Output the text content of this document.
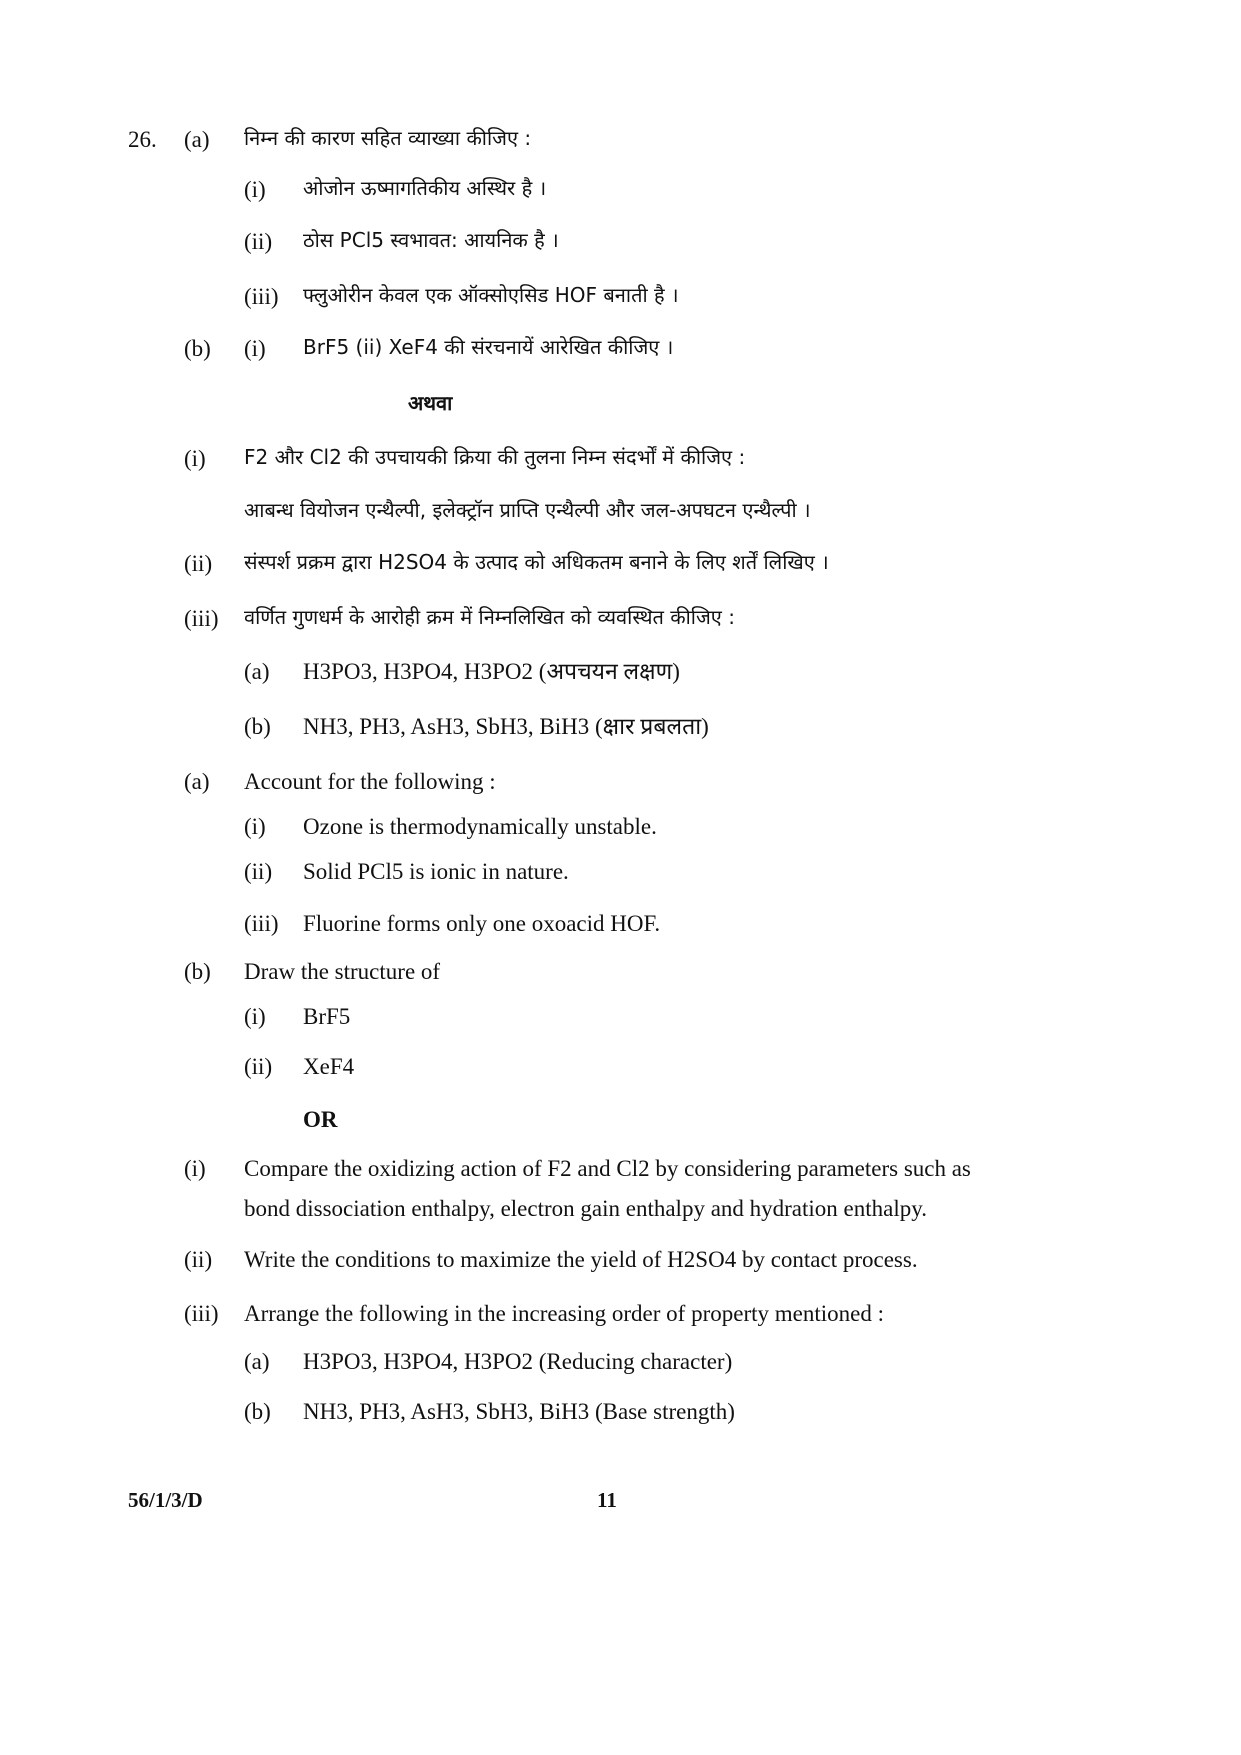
26. (a) निम्न की कारण सहित व्याख्या कीजिए :
(i) ओजोन ऊष्मागतिकीय अस्थिर है ।
(ii) ठोस PCl5 स्वभावत: आयनिक है ।
(iii) फ्लुओरीन केवल एक ऑक्सोएसिड HOF बनाती है ।
(b) (i) BrF5 (ii) XeF4 की संरचनायें आरेखित कीजिए ।
अथवा
(i) F2 और Cl2 की उपचायकी क्रिया की तुलना निम्न संदर्भों में कीजिए :
आबन्ध वियोजन एन्थैल्पी, इलेक्ट्रॉन प्राप्ति एन्थैल्पी और जल-अपघटन एन्थैल्पी ।
(ii) संस्पर्श प्रक्रम द्वारा H2SO4 के उत्पाद को अधिकतम बनाने के लिए शर्तें लिखिए ।
(iii) वर्णित गुणधर्म के आरोही क्रम में निम्नलिखित को व्यवस्थित कीजिए :
(a) H3PO3, H3PO4, H3PO2 (अपचयन लक्षण)
(b) NH3, PH3, AsH3, SbH3, BiH3 (क्षार प्रबलता)
(a) Account for the following :
(i) Ozone is thermodynamically unstable.
(ii) Solid PCl5 is ionic in nature.
(iii) Fluorine forms only one oxoacid HOF.
(b) Draw the structure of
(i) BrF5
(ii) XeF4
OR
(i) Compare the oxidizing action of F2 and Cl2 by considering parameters such as
bond dissociation enthalpy, electron gain enthalpy and hydration enthalpy.
(ii) Write the conditions to maximize the yield of H2SO4 by contact process.
(iii) Arrange the following in the increasing order of property mentioned :
(a) H3PO3, H3PO4, H3PO2 (Reducing character)
(b) NH3, PH3, AsH3, SbH3, BiH3 (Base strength)
56/1/3/D	11
